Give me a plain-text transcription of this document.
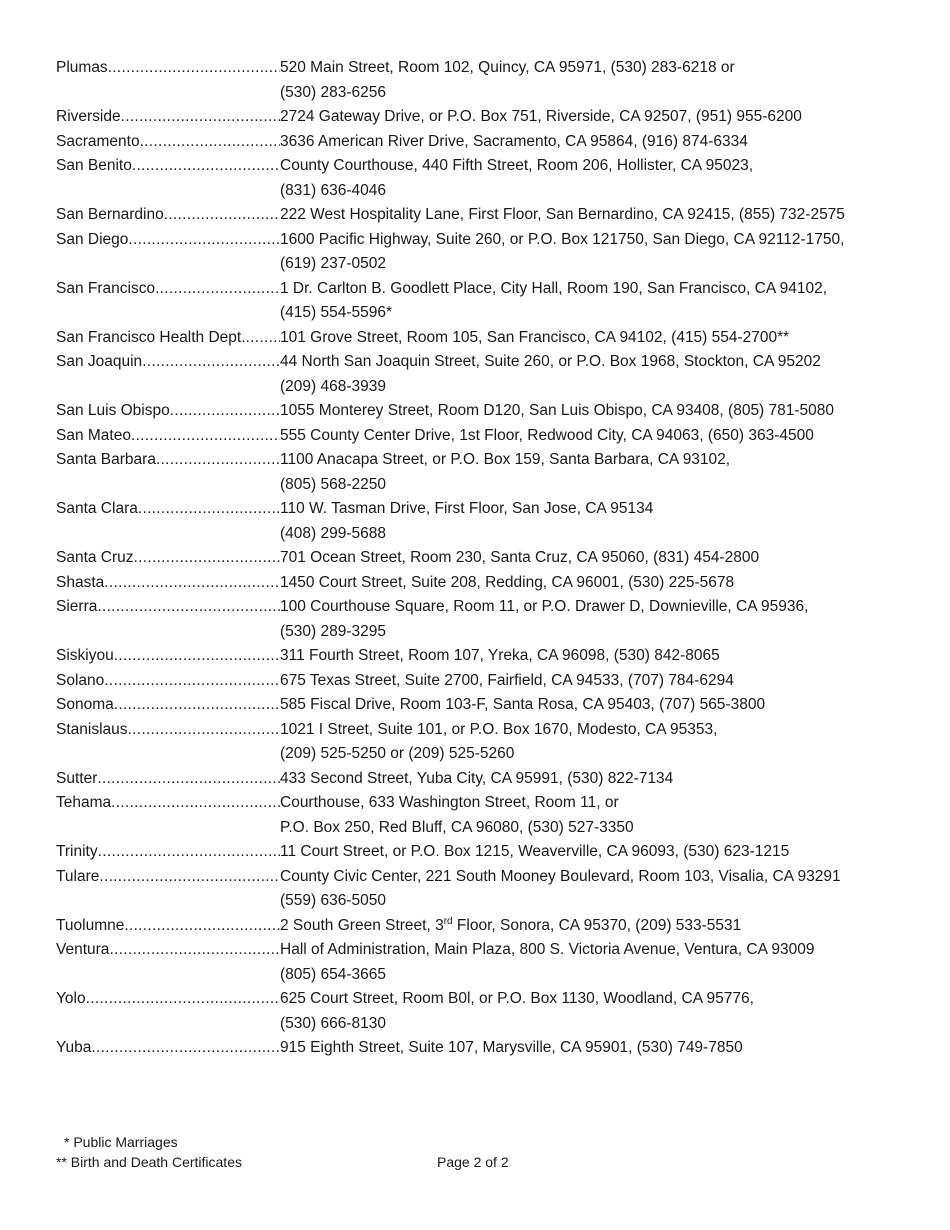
Plumas .....	520 Main Street, Room 102, Quincy, CA 95971, (530) 283-6218 or
(530) 283-6256
Riverside .....	2724 Gateway Drive, or P.O. Box 751, Riverside, CA 92507, (951) 955-6200
Sacramento .....	3636 American River Drive, Sacramento, CA 95864, (916) 874-6334
San Benito .....	County Courthouse, 440 Fifth Street, Room 206, Hollister, CA 95023,
(831) 636-4046
San Bernardino .....	222 West Hospitality Lane, First Floor, San Bernardino, CA 92415, (855) 732-2575
San Diego .....	1600 Pacific Highway, Suite 260, or P.O. Box 121750, San Diego, CA 92112-1750,
(619) 237-0502
San Francisco .....	1 Dr. Carlton B. Goodlett Place, City Hall, Room 190, San Francisco, CA 94102,
(415) 554-5596*
San Francisco Health Dept. ..... 101 Grove Street, Room 105, San Francisco, CA 94102, (415) 554-2700**
San Joaquin .....	44 North San Joaquin Street, Suite 260, or P.O. Box 1968, Stockton, CA 95202
(209) 468-3939
San Luis Obispo .....	1055 Monterey Street, Room D120, San Luis Obispo, CA 93408, (805) 781-5080
San Mateo .....	555 County Center Drive, 1st Floor, Redwood City, CA 94063, (650) 363-4500
Santa Barbara .....	1100 Anacapa Street, or P.O. Box 159, Santa Barbara, CA 93102,
(805) 568-2250
Santa Clara .....	110 W. Tasman Drive, First Floor, San Jose, CA 95134
(408) 299-5688
Santa Cruz .....	701 Ocean Street, Room 230, Santa Cruz, CA 95060, (831) 454-2800
Shasta .....	1450 Court Street, Suite 208, Redding, CA 96001, (530) 225-5678
Sierra .....	100 Courthouse Square, Room 11, or P.O. Drawer D, Downieville, CA 95936,
(530) 289-3295
Siskiyou .....	311 Fourth Street, Room 107, Yreka, CA 96098, (530) 842-8065
Solano .....	675 Texas Street, Suite 2700, Fairfield, CA 94533, (707) 784-6294
Sonoma .....	585 Fiscal Drive, Room 103-F, Santa Rosa, CA 95403, (707) 565-3800
Stanislaus .....	1021 I Street, Suite 101, or P.O. Box 1670, Modesto, CA 95353,
(209) 525-5250 or (209) 525-5260
Sutter .....	433 Second Street, Yuba City, CA 95991, (530) 822-7134
Tehama .....	Courthouse, 633 Washington Street, Room 11, or
P.O. Box 250, Red Bluff, CA 96080, (530) 527-3350
Trinity .....	11 Court Street, or P.O. Box 1215, Weaverville, CA 96093, (530) 623-1215
Tulare .....	County Civic Center, 221 South Mooney Boulevard, Room 103, Visalia, CA 93291
(559) 636-5050
Tuolumne .....	2 South Green Street, 3rd Floor, Sonora, CA 95370, (209) 533-5531
Ventura .....	Hall of Administration, Main Plaza, 800 S. Victoria Avenue, Ventura, CA 93009
(805) 654-3665
Yolo .....	625 Court Street, Room B0l, or P.O. Box 1130, Woodland, CA 95776,
(530) 666-8130
Yuba .....	915 Eighth Street, Suite 107, Marysville, CA 95901, (530) 749-7850
* Public Marriages
** Birth and Death Certificates	Page 2 of 2
